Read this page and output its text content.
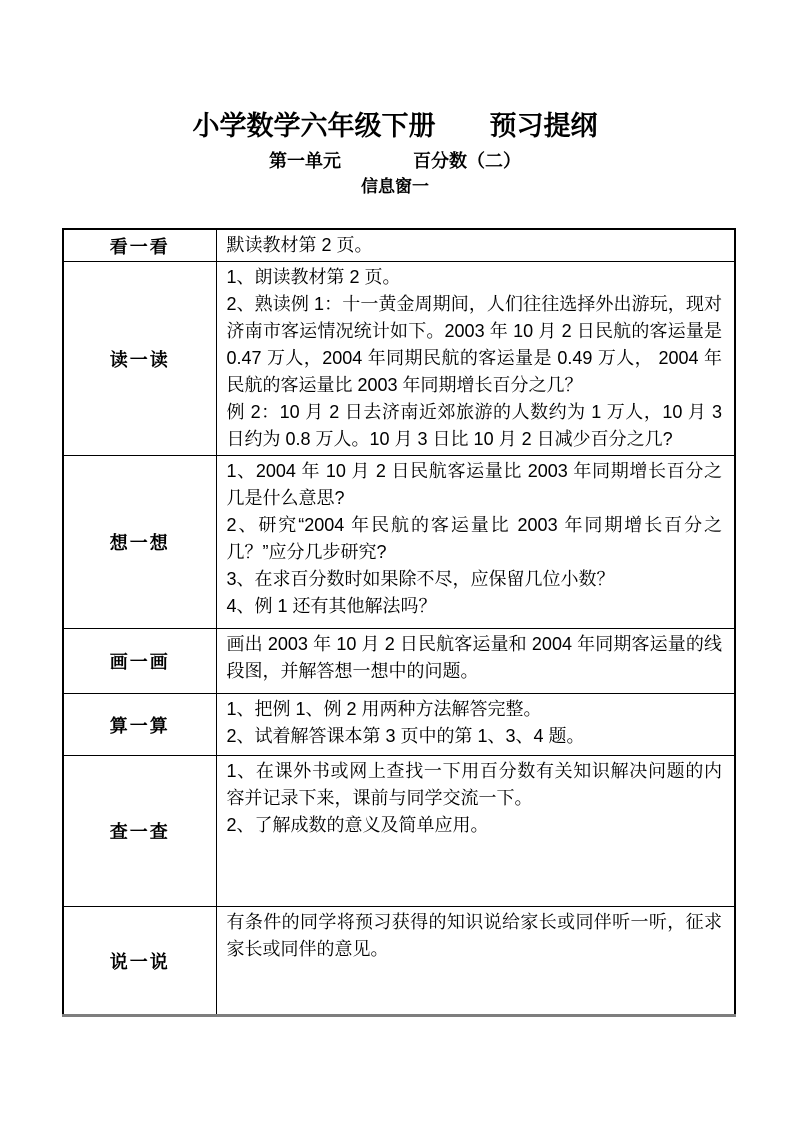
小学数学六年级下册　　预习提纲
第一单元　　　　百分数（二）
信息窗一
看一看	默读教材第 2 页。

读一读	1、朗读教材第 2 页。

2、熟读例 1：十一黄金周期间，人们往往选择外出游玩，现对济南市客运情况统计如下。2003 年 10 月 2 日民航的客运量是 0.47 万人，2004 年同期民航的客运量是 0.49 万人， 2004 年民航的客运量比 2003 年同期增长百分之几？

例 2：10 月 2 日去济南近郊旅游的人数约为 1 万人，10 月 3 日约为 0.8 万人。10 月 3 日比 10 月 2 日减少百分之几?

想一想	1、2004 年 10 月 2 日民航客运量比 2003 年同期增长百分之几是什么意思?

2、研究“2004 年民航的客运量比 2003 年同期增长百分之几？”应分几步研究?

3、在求百分数时如果除不尽，应保留几位小数？

4、例 1 还有其他解法吗？

画一画	画出 2003 年 10 月 2 日民航客运量和 2004 年同期客运量的线段图，并解答想一想中的问题。

算一算	1、把例 1、例 2 用两种方法解答完整。

2、试着解答课本第 3 页中的第 1、3、4 题。

查一查	1、在课外书或网上查找一下用百分数有关知识解决问题的内容并记录下来，课前与同学交流一下。

2、了解成数的意义及简单应用。

说一说	有条件的同学将预习获得的知识说给家长或同伴听一听，征求家长或同伴的意见。
